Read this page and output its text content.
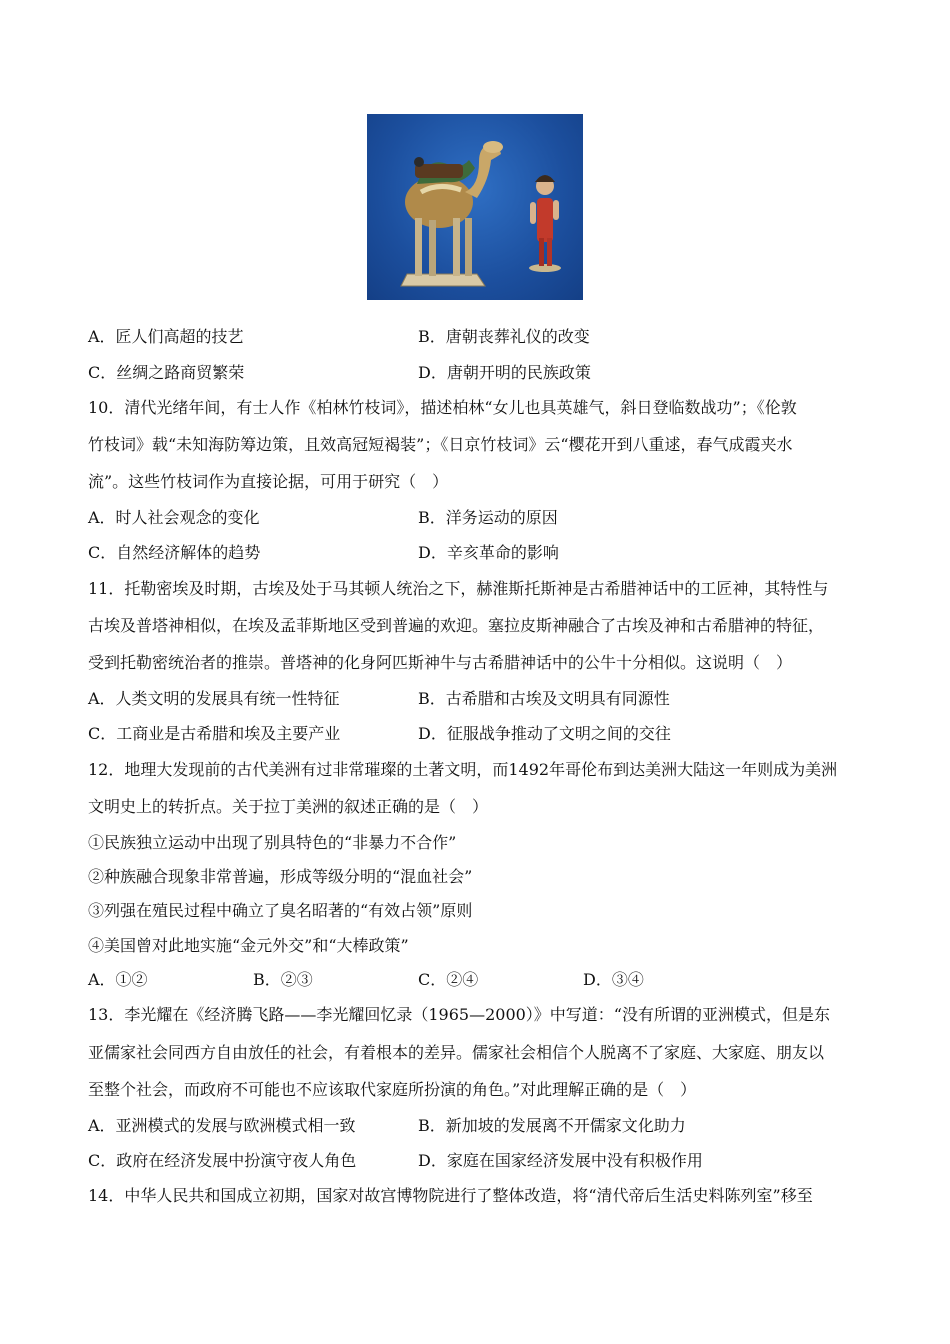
A．匠人们高超的技艺	B．唐朝丧葬礼仪的改变
C．丝绸之路商贸繁荣	D．唐朝开明的民族政策
10．清代光绪年间，有士人作《柏林竹枝词》，描述柏林“女儿也具英雄气，斜日登临数战功”；《伦敦
竹枝词》载“未知海防筹边策，且效高冠短褐装”；《日京竹枝词》云“樱花开到八重逑，春气成霞夹水
流”。这些竹枝词作为直接论据，可用于研究（　）
A．时人社会观念的变化	B．洋务运动的原因
C．自然经济解体的趋势	D．辛亥革命的影响
11．托勒密埃及时期，古埃及处于马其顿人统治之下，赫淮斯托斯神是古希腊神话中的工匠神，其特性与
古埃及普塔神相似，在埃及孟菲斯地区受到普遍的欢迎。塞拉皮斯神融合了古埃及神和古希腊神的特征，
受到托勒密统治者的推崇。普塔神的化身阿匹斯神牛与古希腊神话中的公牛十分相似。这说明（　）
A．人类文明的发展具有统一性特征	B．古希腊和古埃及文明具有同源性
C．工商业是古希腊和埃及主要产业	D．征服战争推动了文明之间的交往
12．地理大发现前的古代美洲有过非常璀璨的土著文明，而1492年哥伦布到达美洲大陆这一年则成为美洲
文明史上的转折点。关于拉丁美洲的叙述正确的是（　）
①民族独立运动中出现了别具特色的“非暴力不合作”
②种族融合现象非常普遍，形成等级分明的“混血社会”
③列强在殖民过程中确立了臭名昭著的“有效占领”原则
④美国曾对此地实施“金元外交”和“大棒政策”
A．①②	B．②③	C．②④	D．③④
13．李光耀在《经济腾飞路——李光耀回忆录（1965—2000）》中写道：“没有所谓的亚洲模式，但是东
亚儒家社会同西方自由放任的社会，有着根本的差异。儒家社会相信个人脱离不了家庭、大家庭、朋友以
至整个社会，而政府不可能也不应该取代家庭所扮演的角色。”对此理解正确的是（　）
A．亚洲模式的发展与欧洲模式相一致	B．新加坡的发展离不开儒家文化助力
C．政府在经济发展中扮演守夜人角色	D．家庭在国家经济发展中没有积极作用
14．中华人民共和国成立初期，国家对故宫博物院进行了整体改造，将“清代帝后生活史料陈列室”移至
